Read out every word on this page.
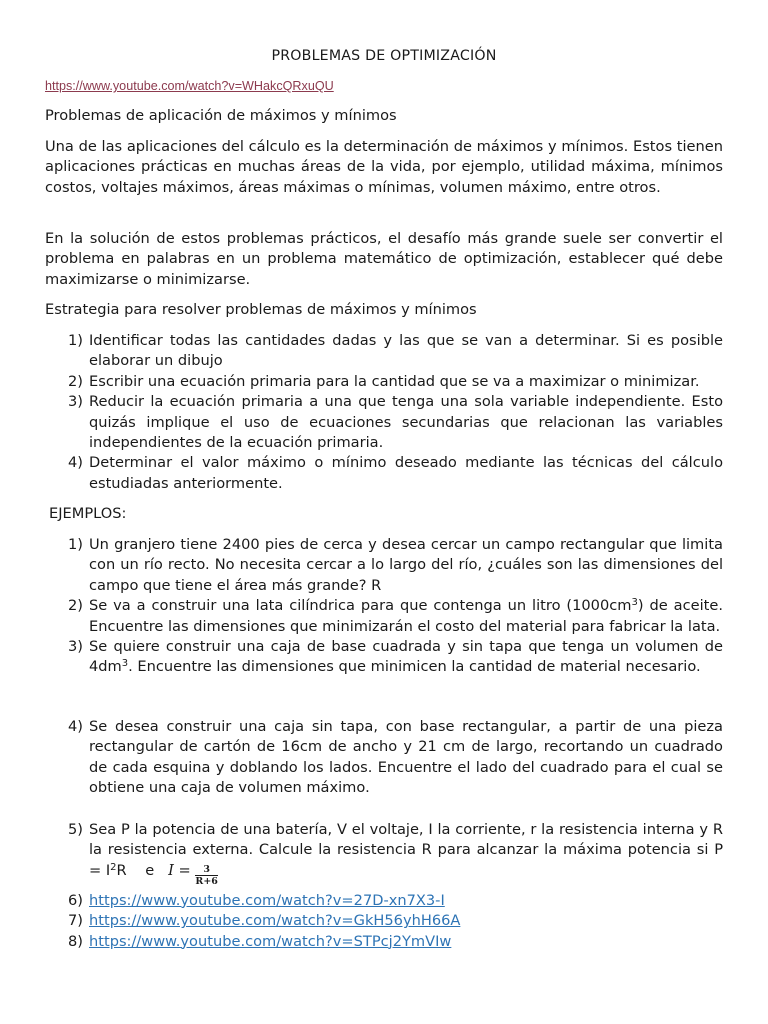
PROBLEMAS DE OPTIMIZACIÓN
https://www.youtube.com/watch?v=WHakcQRxuQU
Problemas de aplicación de máximos y mínimos

Una de las aplicaciones del cálculo es la determinación de máximos y mínimos. Estos tienen aplicaciones prácticas en muchas áreas de la vida, por ejemplo, utilidad máxima, mínimos costos, voltajes máximos, áreas máximas o mínimas, volumen máximo, entre otros.

En la solución de estos problemas prácticos, el desafío más grande suele ser convertir el problema en palabras en un problema matemático de optimización, establecer qué debe maximizarse o minimizarse.

Estrategia para resolver problemas de máximos y mínimos
1) Identificar todas las cantidades dadas y las que se van a determinar. Si es posible elaborar un dibujo
2) Escribir una ecuación primaria para la cantidad que se va a maximizar o minimizar.
3) Reducir la ecuación primaria a una que tenga una sola variable independiente. Esto quizás implique el uso de ecuaciones secundarias que relacionan las variables independientes de la ecuación primaria.
4) Determinar el valor máximo o mínimo deseado mediante las técnicas del cálculo estudiadas anteriormente.
EJEMPLOS:
1) Un granjero tiene 2400 pies de cerca y desea cercar un campo rectangular que limita con un río recto. No necesita cercar a lo largo del río, ¿cuáles son las dimensiones del campo que tiene el área más grande? R
2) Se va a construir una lata cilíndrica para que contenga un litro $(1000cm^3)$ de aceite. Encuentre las dimensiones que minimizarán el costo del material para fabricar la lata.
3) Se quiere construir una caja de base cuadrada y sin tapa que tenga un volumen de $4dm^3$. Encuentre las dimensiones que minimicen la cantidad de material necesario.
4) Se desea construir una caja sin tapa, con base rectangular, a partir de una pieza rectangular de cartón de 16cm de ancho y 21 cm de largo, recortando un cuadrado de cada esquina y doblando los lados. Encuentre el lado del cuadrado para el cual se obtiene una caja de volumen máximo.
5) Sea P la potencia de una batería, V el voltaje, I la corriente, r la resistencia interna y R la resistencia externa. Calcule la resistencia R para alcanzar la máxima potencia si $P = I^2R$    e   $I = \frac{3}{R+6}$
6) https://www.youtube.com/watch?v=27D-xn7X3-I
7) https://www.youtube.com/watch?v=GkH56yhH66A
8) https://www.youtube.com/watch?v=STPcj2YmVIw
